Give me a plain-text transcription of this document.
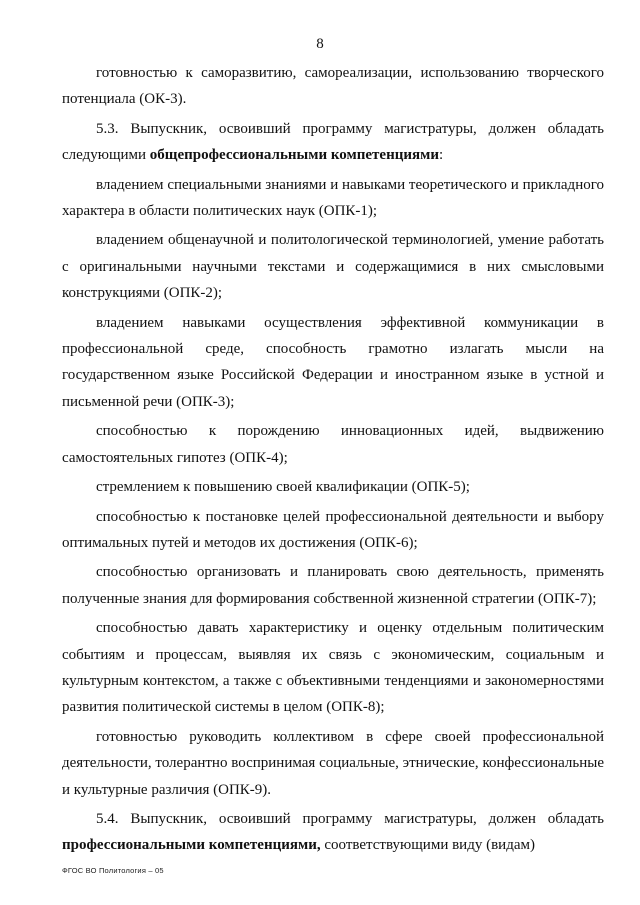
8

готовностью к саморазвитию, самореализации, использованию творческого потенциала (ОК-3).

5.3. Выпускник, освоивший программу магистратуры, должен обладать следующими общепрофессиональными компетенциями:

владением специальными знаниями и навыками теоретического и прикладного характера в области политических наук (ОПК-1);

владением общенаучной и политологической терминологией, умение работать с оригинальными научными текстами и содержащимися в них смысловыми конструкциями (ОПК-2);

владением навыками осуществления эффективной коммуникации в профессиональной среде, способность грамотно излагать мысли на государственном языке Российской Федерации и иностранном языке в устной и письменной речи (ОПК-3);

способностью к порождению инновационных идей, выдвижению самостоятельных гипотез (ОПК-4);

стремлением к повышению своей квалификации (ОПК-5);

способностью к постановке целей профессиональной деятельности и выбору оптимальных путей и методов их достижения (ОПК-6);

способностью организовать и планировать свою деятельность, применять полученные знания для формирования собственной жизненной стратегии (ОПК-7);

способностью давать характеристику и оценку отдельным политическим событиям и процессам, выявляя их связь с экономическим, социальным и культурным контекстом, а также с объективными тенденциями и закономерностями развития политической системы в целом (ОПК-8);

готовностью руководить коллективом в сфере своей профессиональной деятельности, толерантно воспринимая социальные, этнические, конфессиональные и культурные различия (ОПК-9).

5.4. Выпускник, освоивший программу магистратуры, должен обладать профессиональными компетенциями, соответствующими виду (видам)

ФГОС ВО Политология – 05
